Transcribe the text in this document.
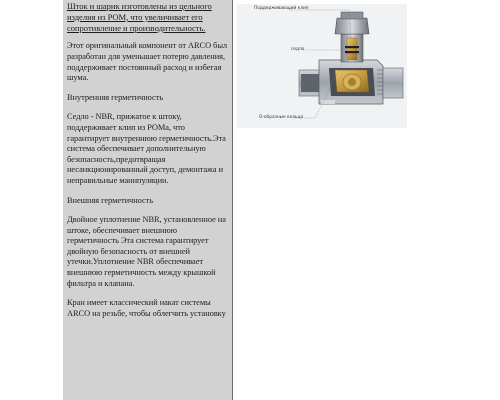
Шток и шарик изготовлены из цельного изделия из POM, что увеличивает его сопротивление и производительность.

Этот оригинальный компонент от ARCO был разработан для уменьшает потерю давления, поддерживает постоянный расход и избегая шума.

Внутренняя герметичность

Седло - NBR, прижатое к штоку, поддерживает клип из POMа, что гарантирует внутреннюю герметичность.Эта система обеспечивает дополнительную безопасность,предотвращая несанкционированный доступ, демонтажа и неправильные манипуляции.

Внешняя герметичность

Двойное уплотнение NBR, установленное на штоке, обеспечивает внешнюю герметичность Эта система гарантирует двойную безопасность от внешней утечки.Уплотнение NBR обеспечивает внешнюю герметичность между крышкой фильтра и клапана.

Кран имеет классический накат системы ARCO на резьбе, чтобы облегчить установку

Поддерживающий клип
седло
О-образные кольца
